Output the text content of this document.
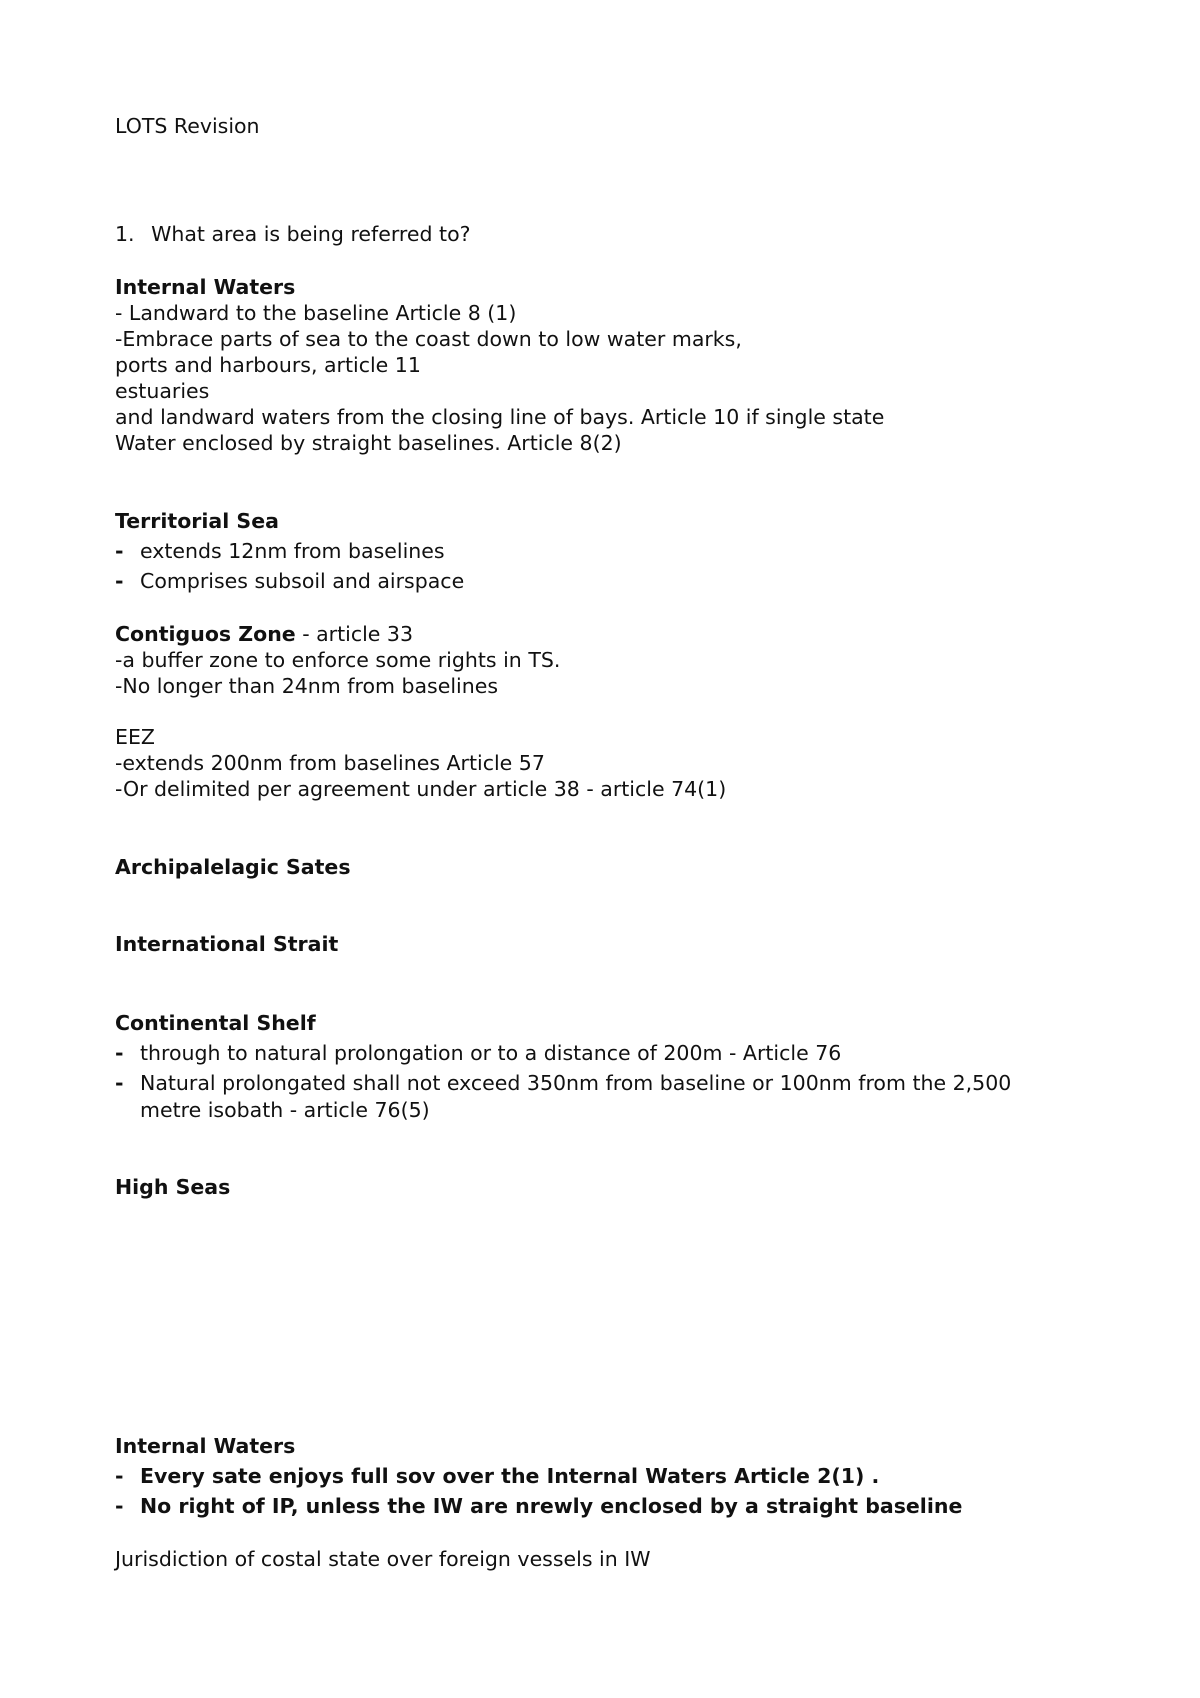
LOTS Revision
1. What area is being referred to?
Internal Waters
- Landward to the baseline Article 8 (1)
-Embrace parts of sea to the coast down to low water marks,
ports and harbours, article 11
estuaries
and landward waters from the closing line of bays. Article 10 if single state
Water enclosed by straight baselines. Article 8(2)
Territorial Sea
- extends 12nm from baselines
- Comprises subsoil and airspace
Contiguos Zone - article 33
-a buffer zone to enforce some rights in TS.
-No longer than 24nm from baselines
EEZ
-extends 200nm from baselines Article 57
-Or delimited per agreement under article 38 - article 74(1)
Archipalelagic Sates
International Strait
Continental Shelf
- through to natural prolongation or to a distance of 200m - Article 76
- Natural prolongated shall not exceed 350nm from baseline or 100nm from the 2,500
metre isobath - article 76(5)
High Seas
Internal Waters
- Every sate enjoys full sov over the Internal Waters Article 2(1) .
- No right of IP, unless the IW are nrewly enclosed by a straight baseline
Jurisdiction of costal state over foreign vessels in IW
